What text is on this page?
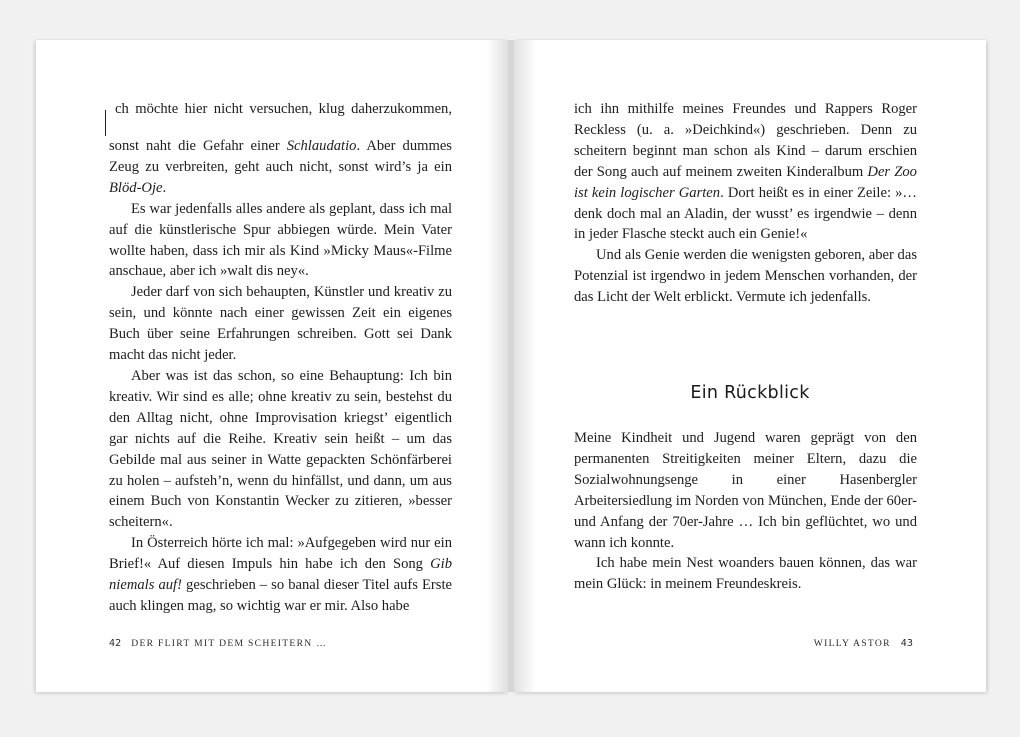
ch möchte hier nicht versuchen, klug daherzukommen, sonst naht die Gefahr einer Schlaudatio. Aber dummes Zeug zu verbreiten, geht auch nicht, sonst wird’s ja ein Blöd-Oje.

Es war jedenfalls alles andere als geplant, dass ich mal auf die künstlerische Spur abbiegen würde. Mein Vater wollte haben, dass ich mir als Kind »Micky Maus«-Filme anschaue, aber ich »walt dis ney«.

Jeder darf von sich behaupten, Künstler und kreativ zu sein, und könnte nach einer gewissen Zeit ein eigenes Buch über seine Erfahrungen schreiben. Gott sei Dank macht das nicht jeder.

Aber was ist das schon, so eine Behauptung: Ich bin kreativ. Wir sind es alle; ohne kreativ zu sein, bestehst du den Alltag nicht, ohne Improvisation kriegst’ eigentlich gar nichts auf die Reihe. Kreativ sein heißt – um das Gebilde mal aus seiner in Watte gepackten Schönfärberei zu holen – aufsteh’n, wenn du hinfällst, und dann, um aus einem Buch von Konstantin Wecker zu zitieren, »besser scheitern«.

In Österreich hörte ich mal: »Aufgegeben wird nur ein Brief!« Auf diesen Impuls hin habe ich den Song Gib niemals auf! geschrieben – so banal dieser Titel aufs Erste auch klingen mag, so wichtig war er mir. Also habe

42 DER FLIRT MIT DEM SCHEITERN …

ich ihn mithilfe meines Freundes und Rappers Roger Reckless (u. a. »Deichkind«) geschrieben. Denn zu scheitern beginnt man schon als Kind – darum erschien der Song auch auf meinem zweiten Kinderalbum Der Zoo ist kein logischer Garten. Dort heißt es in einer Zeile: »… denk doch mal an Aladin, der wusst’ es irgendwie – denn in jeder Flasche steckt auch ein Genie!«

Und als Genie werden die wenigsten geboren, aber das Potenzial ist irgendwo in jedem Menschen vorhanden, der das Licht der Welt erblickt. Vermute ich jedenfalls.

Ein Rückblick

Meine Kindheit und Jugend waren geprägt von den permanenten Streitigkeiten meiner Eltern, dazu die Sozialwohnungsenge in einer Hasenbergler Arbeitersiedlung im Norden von München, Ende der 60er- und Anfang der 70er-Jahre … Ich bin geflüchtet, wo und wann ich konnte.

Ich habe mein Nest woanders bauen können, das war mein Glück: in meinem Freundeskreis.

WILLY ASTOR 43
